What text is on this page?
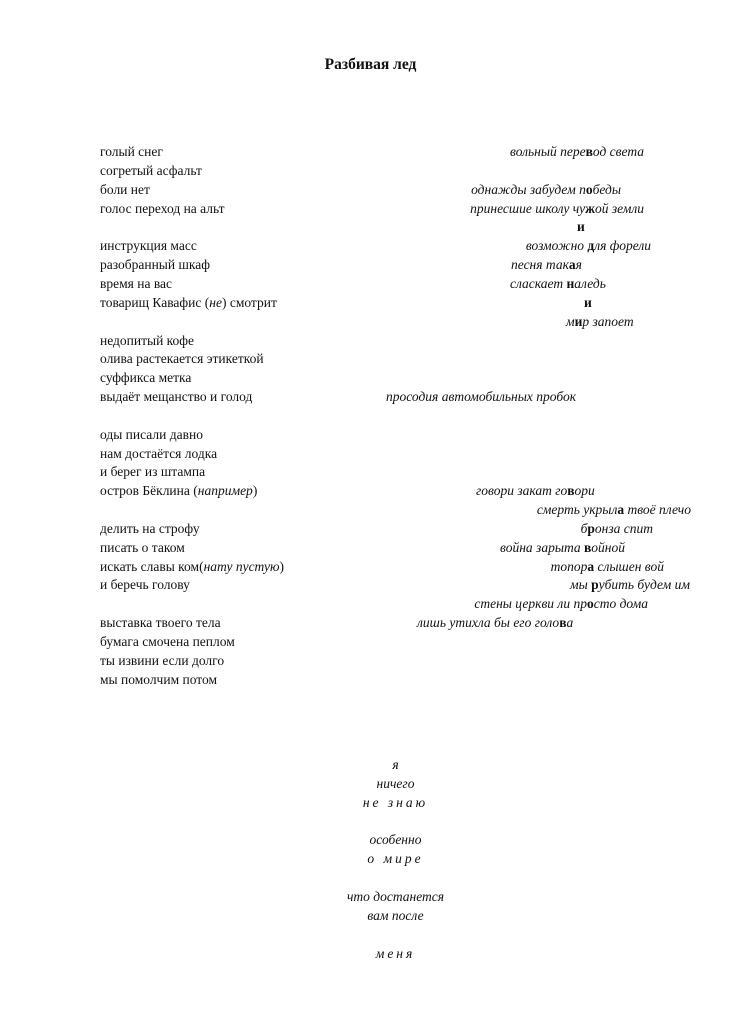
Разбивая лед
голый снег
согретый асфальт
боли нет
голос переход на альт
инструкция масс
разобранный шкаф
время на вас
товарищ Кавафис (не) смотрит
недопитый кофе
олива растекается этикеткой
суффикса метка
выдаёт мещанство и голод
оды писали давно
нам достаётся лодка
и берег из штампа
остров Бёклина (например)
делить на строфу
писать о таком
искать славы ком(нату пустую)
и беречь голову
выставка твоего тела
бумага смочена пеплом
ты извини если долго
мы помолчим потом
вольный перевод света
однажды забудем победы
принесшие школу чужой земли
и
возможно для форели
песня такая
сласкает наледь
и
мир запоет
просодия автомобильных пробок
говори закат говори
смерть укрыла твоё плечо
бронза спит
война зарыта войной
топора слышен вой
мы рубить будем им
стены церкви ли просто дома
лишь утихла бы его голова
я
ничего
не знаю
особенно
о мире
что достанется
вам после
меня
